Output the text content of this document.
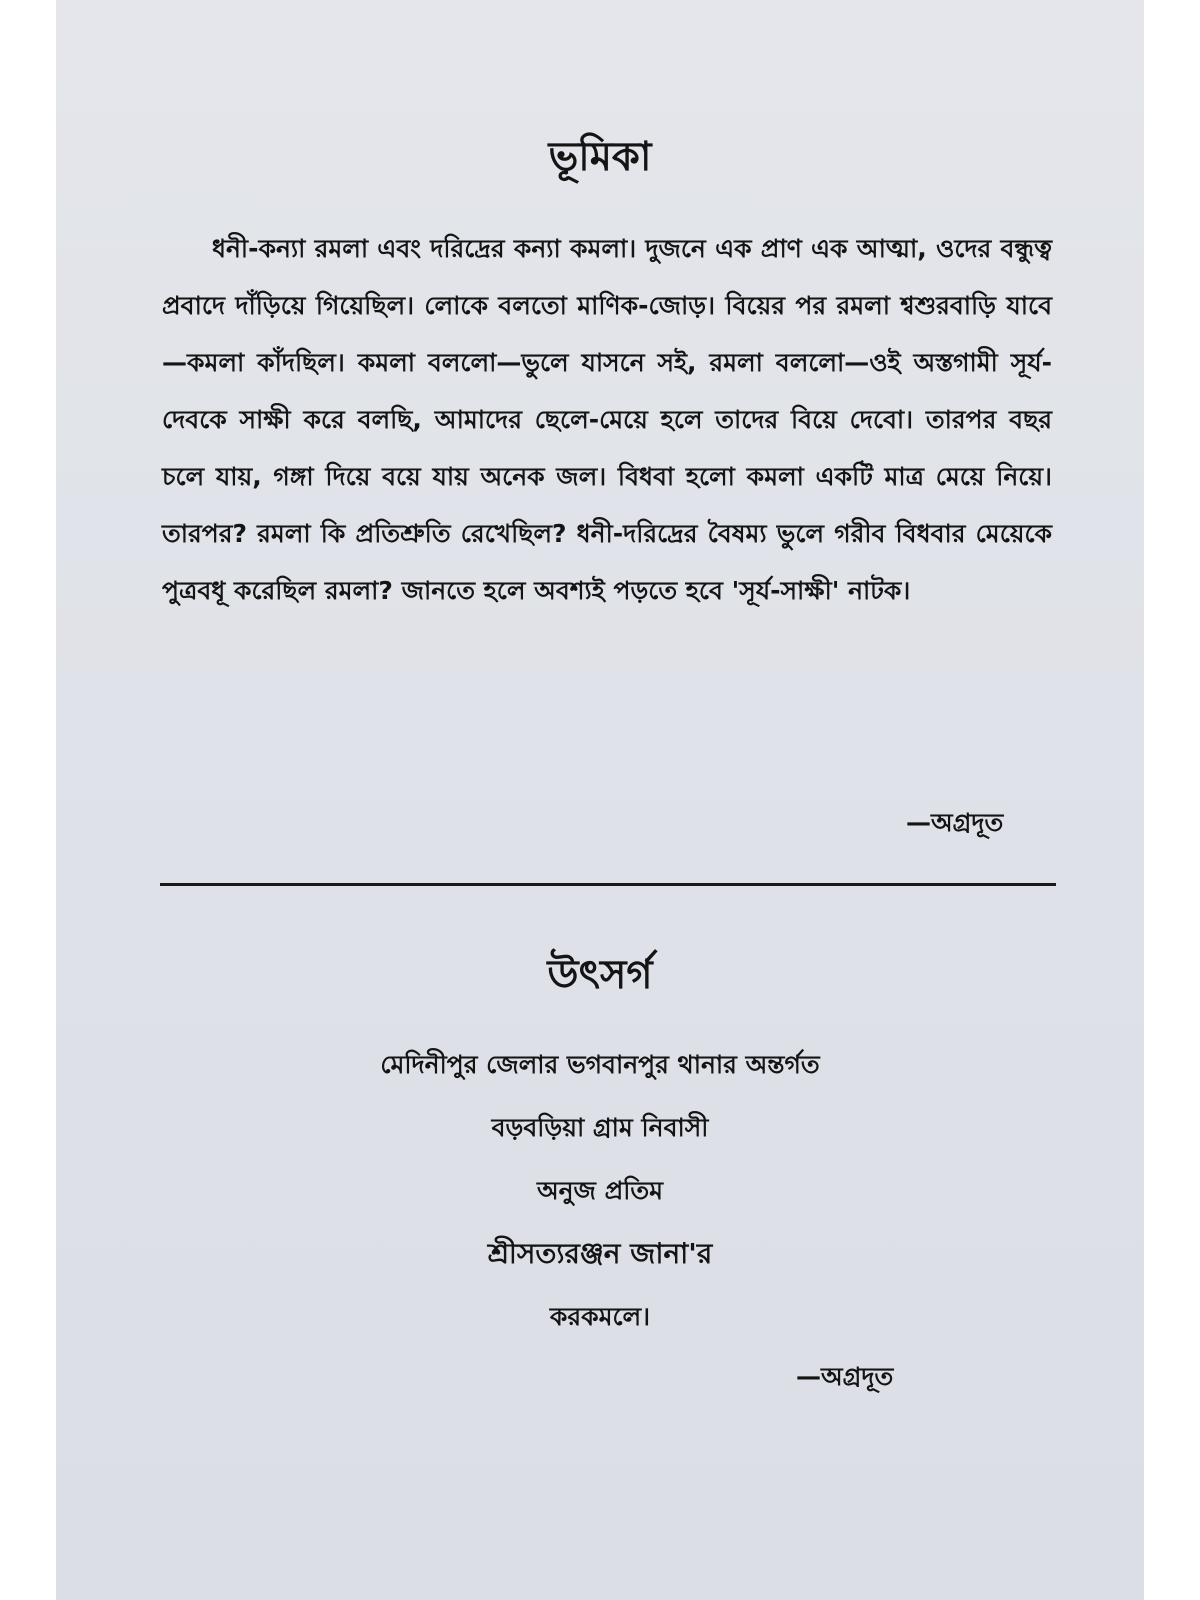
ভূমিকা

ধনী-কন্যা রমলা এবং দরিদ্রের কন্যা কমলা। দুজনে এক প্রাণ এক আত্মা, ওদের বন্ধুত্ব প্রবাদে দাঁড়িয়ে গিয়েছিল। লোকে বলতো মাণিক-জোড়। বিয়ের পর রমলা শ্বশুরবাড়ি যাবে—কমলা কাঁদছিল। কমলা বললো—ভুলে যাসনে সই, রমলা বললো—ওই অস্তগামী সূর্য-দেবকে সাক্ষী করে বলছি, আমাদের ছেলে-মেয়ে হলে তাদের বিয়ে দেবো। তারপর বছর চলে যায়, গঙ্গা দিয়ে বয়ে যায় অনেক জল। বিধবা হলো কমলা একটি মাত্র মেয়ে নিয়ে। তারপর? রমলা কি প্রতিশ্রুতি রেখেছিল? ধনী-দরিদ্রের বৈষম্য ভুলে গরীব বিধবার মেয়েকে পুত্রবধূ করেছিল রমলা? জানতে হলে অবশ্যই পড়তে হবে 'সূর্য-সাক্ষী' নাটক।

—অগ্রদূত

উৎসর্গ
মেদিনীপুর জেলার ভগবানপুর থানার অন্তর্গত
বড়বড়িয়া গ্রাম নিবাসী
অনুজ প্রতিম
শ্রীসত্যরঞ্জন জানা'র
করকমলে।

—অগ্রদূত
